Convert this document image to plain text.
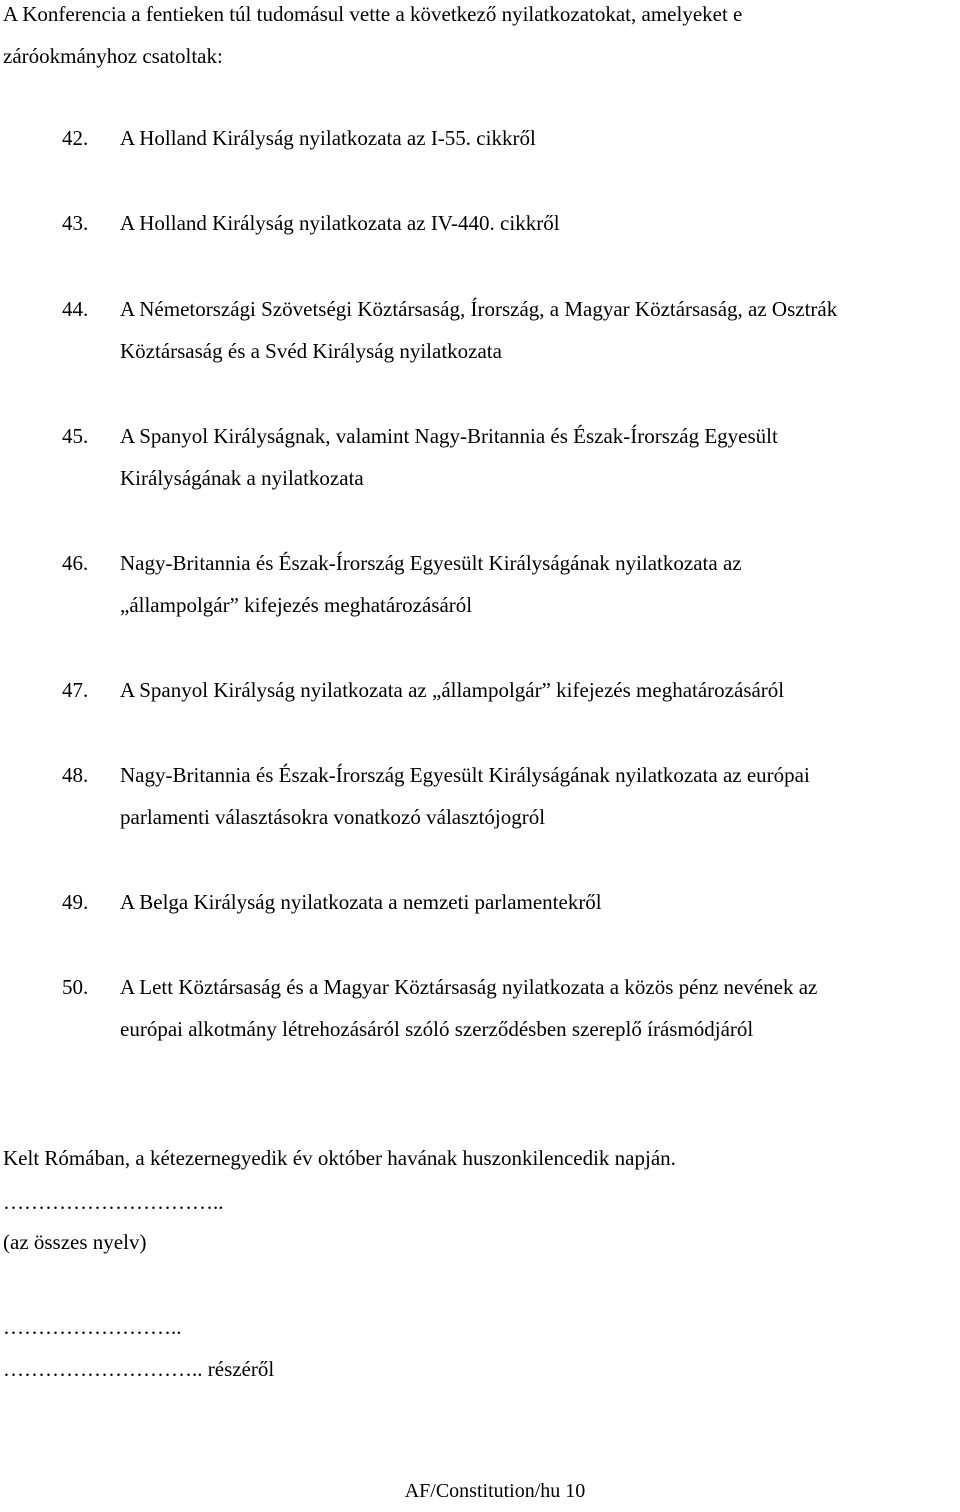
A Konferencia a fentieken túl tudomásul vette a következő nyilatkozatokat, amelyeket e
záróokmányhoz csatoltak:

42. A Holland Királyság nyilatkozata az I-55. cikkről
43. A Holland Királyság nyilatkozata az IV-440. cikkről
44. A Németországi Szövetségi Köztársaság, Írország, a Magyar Köztársaság, az Osztrák
Köztársaság és a Svéd Királyság nyilatkozata
45. A Spanyol Királyságnak, valamint Nagy-Britannia és Észak-Írország Egyesült
Királyságának a nyilatkozata
46. Nagy-Britannia és Észak-Írország Egyesült Királyságának nyilatkozata az
„állampolgár” kifejezés meghatározásáról
47. A Spanyol Királyság nyilatkozata az „állampolgár” kifejezés meghatározásáról
48. Nagy-Britannia és Észak-Írország Egyesült Királyságának nyilatkozata az európai
parlamenti választásokra vonatkozó választójogról
49. A Belga Királyság nyilatkozata a nemzeti parlamentekről
50. A Lett Köztársaság és a Magyar Köztársaság nyilatkozata a közös pénz nevének az
európai alkotmány létrehozásáról szóló szerződésben szereplő írásmódjáról

Kelt Rómában, a kétezernegyedik év október havának huszonkilencedik napján.

…………………………..

(az összes nyelv)

……………………..

……………………….. részéről

AF/Constitution/hu 10
